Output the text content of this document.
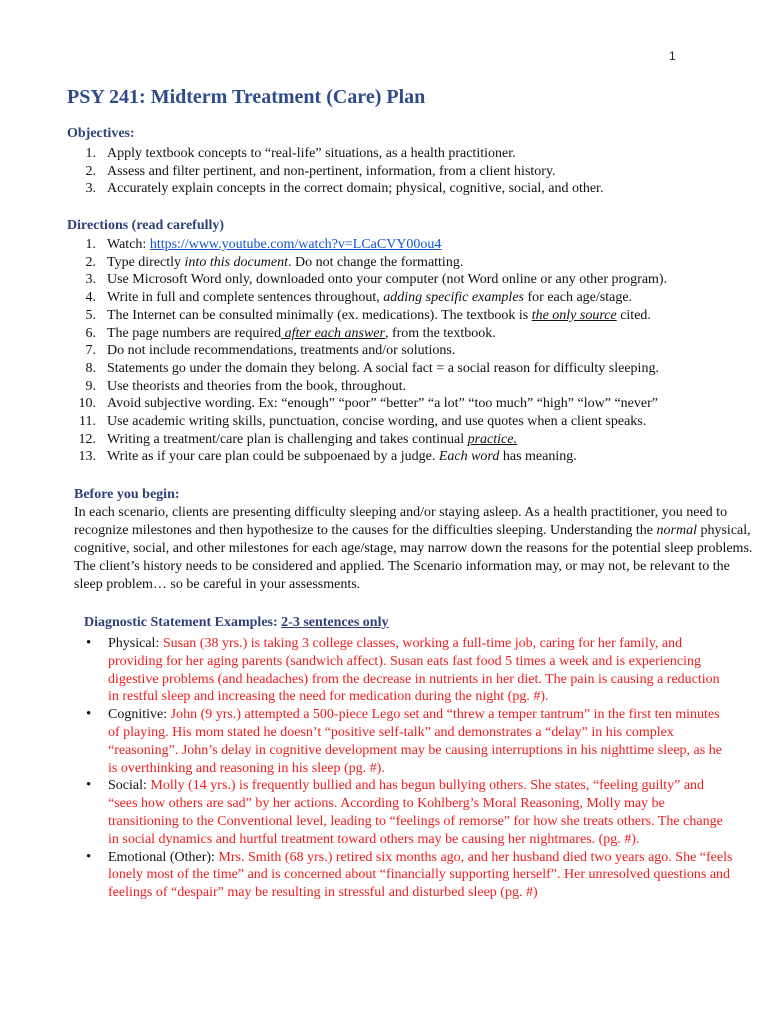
1
PSY 241: Midterm Treatment (Care) Plan
Objectives:
1. Apply textbook concepts to “real-life” situations, as a health practitioner.
2. Assess and filter pertinent, and non-pertinent, information, from a client history.
3. Accurately explain concepts in the correct domain; physical, cognitive, social, and other.
Directions (read carefully)
1. Watch: https://www.youtube.com/watch?v=LCaCVY00ou4
2. Type directly into this document. Do not change the formatting.
3. Use Microsoft Word only, downloaded onto your computer (not Word online or any other program).
4. Write in full and complete sentences throughout, adding specific examples for each age/stage.
5. The Internet can be consulted minimally (ex. medications). The textbook is the only source cited.
6. The page numbers are required after each answer, from the textbook.
7. Do not include recommendations, treatments and/or solutions.
8. Statements go under the domain they belong. A social fact = a social reason for difficulty sleeping.
9. Use theorists and theories from the book, throughout.
10. Avoid subjective wording. Ex: “enough” “poor” “better” “a lot” “too much” “high” “low” “never”
11. Use academic writing skills, punctuation, concise wording, and use quotes when a client speaks.
12. Writing a treatment/care plan is challenging and takes continual practice.
13. Write as if your care plan could be subpoenaed by a judge. Each word has meaning.
Before you begin:

In each scenario, clients are presenting difficulty sleeping and/or staying asleep. As a health practitioner, you need to recognize milestones and then hypothesize to the causes for the difficulties sleeping. Understanding the normal physical, cognitive, social, and other milestones for each age/stage, may narrow down the reasons for the potential sleep problems. The client’s history needs to be considered and applied. The Scenario information may, or may not, be relevant to the sleep problem… so be careful in your assessments.

Diagnostic Statement Examples: 2-3 sentences only
• Physical: Susan (38 yrs.) is taking 3 college classes, working a full-time job, caring for her family, and providing for her aging parents (sandwich affect). Susan eats fast food 5 times a week and is experiencing digestive problems (and headaches) from the decrease in nutrients in her diet. The pain is causing a reduction in restful sleep and increasing the need for medication during the night (pg. #).
• Cognitive: John (9 yrs.) attempted a 500-piece Lego set and “threw a temper tantrum” in the first ten minutes of playing. His mom stated he doesn’t “positive self-talk” and demonstrates a “delay” in his complex “reasoning”. John’s delay in cognitive development may be causing interruptions in his nighttime sleep, as he is overthinking and reasoning in his sleep (pg. #).
• Social: Molly (14 yrs.) is frequently bullied and has begun bullying others. She states, “feeling guilty” and “sees how others are sad” by her actions. According to Kohlberg’s Moral Reasoning, Molly may be transitioning to the Conventional level, leading to “feelings of remorse” for how she treats others. The change in social dynamics and hurtful treatment toward others may be causing her nightmares. (pg. #).
• Emotional (Other): Mrs. Smith (68 yrs.) retired six months ago, and her husband died two years ago. She “feels lonely most of the time” and is concerned about “financially supporting herself”. Her unresolved questions and feelings of “despair” may be resulting in stressful and disturbed sleep (pg. #)
